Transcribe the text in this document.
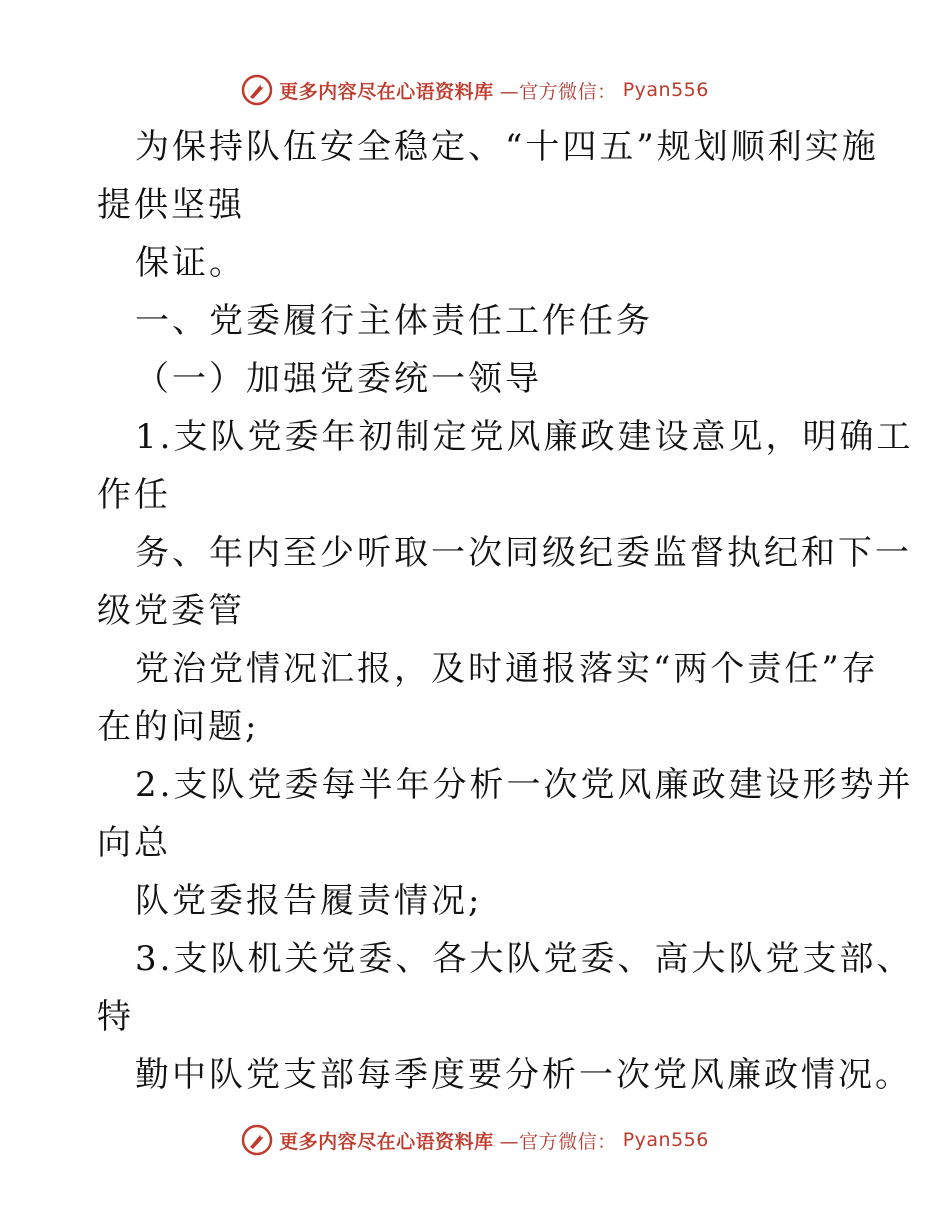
更多内容尽在心语资料库 —官方微信： Pyan556
为保持队伍安全稳定、“十四五”规划顺利实施
提供坚强
保证。
一、党委履行主体责任工作任务
（一）加强党委统一领导
1.支队党委年初制定党风廉政建设意见，明确工
作任
务、年内至少听取一次同级纪委监督执纪和下一
级党委管
党治党情况汇报，及时通报落实“两个责任”存
在的问题;
2.支队党委每半年分析一次党风廉政建设形势并
向总
队党委报告履责情况;
3.支队机关党委、各大队党委、高大队党支部、
特
勤中队党支部每季度要分析一次党风廉政情况。
更多内容尽在心语资料库 —官方微信： Pyan556
